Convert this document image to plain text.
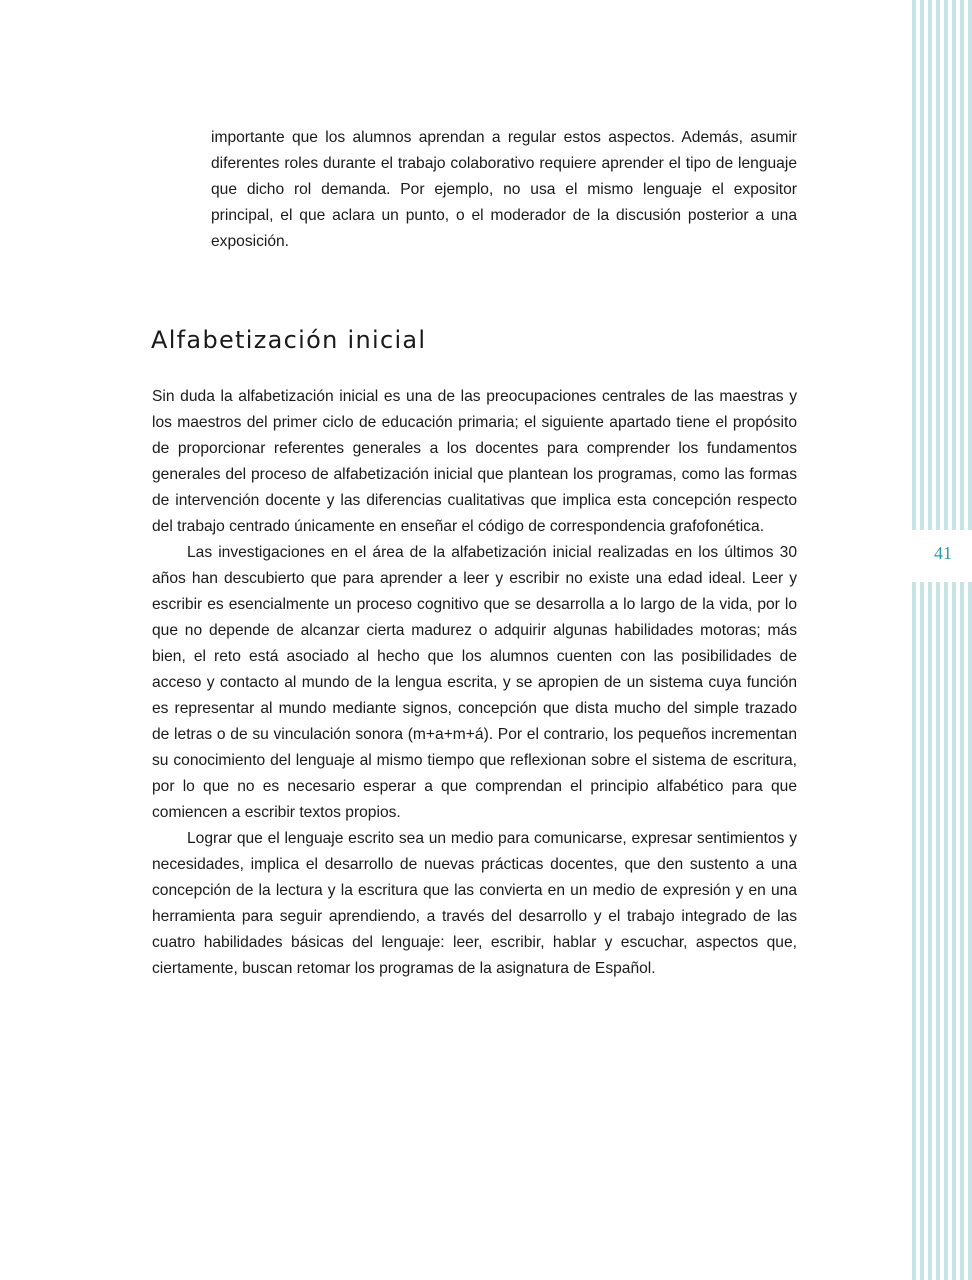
importante que los alumnos aprendan a regular estos aspectos. Además, asumir diferentes roles durante el trabajo colaborativo requiere aprender el tipo de lenguaje que dicho rol demanda. Por ejemplo, no usa el mismo lenguaje el expositor principal, el que aclara un punto, o el moderador de la discusión posterior a una exposición.

Alfabetización inicial

Sin duda la alfabetización inicial es una de las preocupaciones centrales de las maestras y los maestros del primer ciclo de educación primaria; el siguiente apartado tiene el propósito de proporcionar referentes generales a los docentes para comprender los fundamentos generales del proceso de alfabetización inicial que plantean los programas, como las formas de intervención docente y las diferencias cualitativas que implica esta concepción respecto del trabajo centrado únicamente en enseñar el código de correspondencia grafofonética.

Las investigaciones en el área de la alfabetización inicial realizadas en los últimos 30 años han descubierto que para aprender a leer y escribir no existe una edad ideal. Leer y escribir es esencialmente un proceso cognitivo que se desarrolla a lo largo de la vida, por lo que no depende de alcanzar cierta madurez o adquirir algunas habilidades motoras; más bien, el reto está asociado al hecho que los alumnos cuenten con las posibilidades de acceso y contacto al mundo de la lengua escrita, y se apropien de un sistema cuya función es representar al mundo mediante signos, concepción que dista mucho del simple trazado de letras o de su vinculación sonora (m+a+m+á). Por el contrario, los pequeños incrementan su conocimiento del lenguaje al mismo tiempo que reflexionan sobre el sistema de escritura, por lo que no es necesario esperar a que comprendan el principio alfabético para que comiencen a escribir textos propios.

Lograr que el lenguaje escrito sea un medio para comunicarse, expresar sentimientos y necesidades, implica el desarrollo de nuevas prácticas docentes, que den sustento a una concepción de la lectura y la escritura que las convierta en un medio de expresión y en una herramienta para seguir aprendiendo, a través del desarrollo y el trabajo integrado de las cuatro habilidades básicas del lenguaje: leer, escribir, hablar y escuchar, aspectos que, ciertamente, buscan retomar los programas de la asignatura de Español.

41
